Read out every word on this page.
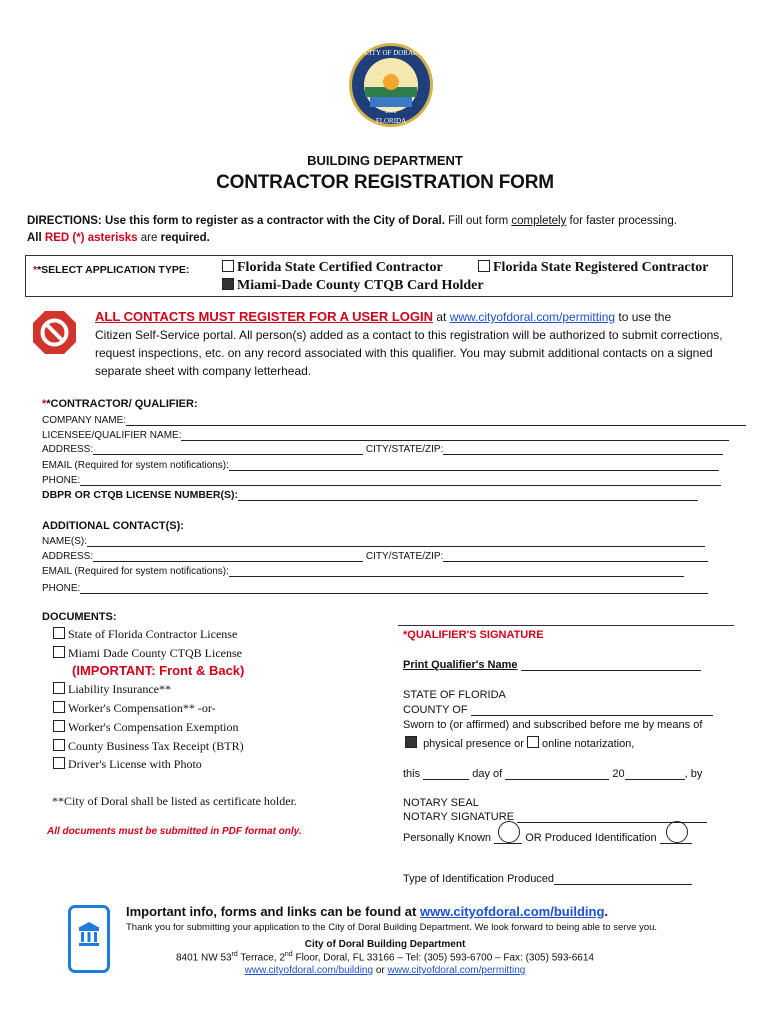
CITY OF DORAL
FLORIDA
2003
BUILDING DEPARTMENT
CONTRACTOR REGISTRATION FORM
DIRECTIONS: Use this form to register as a contractor with the City of Doral. Fill out form completely for faster processing.
All RED (*) asterisks are required.
**SELECT APPLICATION TYPE:	Florida State Certified Contractor	Florida State Registered Contractor
Miami-Dade County CTQB Card Holder
ALL CONTACTS MUST REGISTER FOR A USER LOGIN at www.cityofdoral.com/permitting to use the
Citizen Self-Service portal. All person(s) added as a contact to this registration will be authorized to submit corrections, request inspections, etc. on any record associated with this qualifier. You may submit additional contacts on a signed separate sheet with company letterhead.
**CONTRACTOR/ QUALIFIER:
COMPANY NAME:
LICENSEE/QUALIFIER NAME:
ADDRESS:	CITY/STATE/ZIP:
EMAIL (Required for system notifications):
PHONE:
DBPR OR CTQB LICENSE NUMBER(S):
ADDITIONAL CONTACT(S):
NAME(S):
ADDRESS:	CITY/STATE/ZIP:
EMAIL (Required for system notifications):
PHONE:
DOCUMENTS:
State of Florida Contractor License
Miami Dade County CTQB License
(IMPORTANT: Front & Back)
Liability Insurance**
Worker's Compensation** -or-
Worker's Compensation Exemption
County Business Tax Receipt (BTR)
Driver's License with Photo
**City of Doral shall be listed as certificate holder.
All documents must be submitted in PDF format only.
*QUALIFIER'S SIGNATURE
Print Qualifier's Name
STATE OF FLORIDA
COUNTY OF
Sworn to (or affirmed) and subscribed before me by means of
physical presence or online notarization,
this	day of	20	, by
NOTARY SEAL
NOTARY SIGNATURE
Personally Known	OR Produced Identification
Type of Identification Produced
Important info, forms and links can be found at www.cityofdoral.com/building.
Thank you for submitting your application to the City of Doral Building Department. We look forward to being able to serve you.
City of Doral Building Department
8401 NW 53rd Terrace, 2nd Floor, Doral, FL 33166 – Tel: (305) 593-6700 – Fax: (305) 593-6614
www.cityofdoral.com/building or www.cityofdoral.com/permitting
